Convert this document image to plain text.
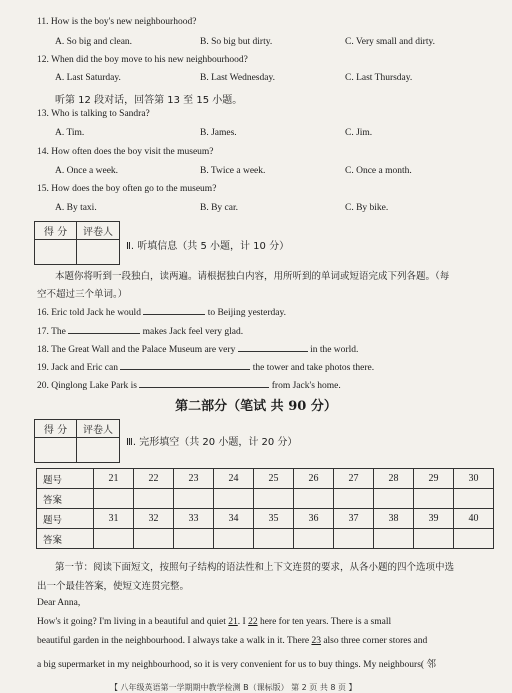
11. How is the boy's new neighbourhood?
A. So big and clean.	B. So big but dirty.	C. Very small and dirty.
12. When did the boy move to his new neighbourhood?
A. Last Saturday.	B. Last Wednesday.	C. Last Thursday.
听第 12 段对话，回答第 13 至 15 小题。
13. Who is talking to Sandra?
A. Tim.	B. James.	C. Jim.
14. How often does the boy visit the museum?
A. Once a week.	B. Twice a week.	C. Once a month.
15. How does the boy often go to the museum?
A. By taxi.	B. By car.	C. By bike.
得 分	评卷人
Ⅱ. 听填信息（共 5 小题，计 10 分）
本题你将听到一段独白，读两遍。请根据独白内容，用所听到的单词或短语完成下列各题。（每
空不超过三个单词。）
16. Eric told Jack he would	to Beijing yesterday.
17. The	makes Jack feel very glad.
18. The Great Wall and the Palace Museum are very	in the world.
19. Jack and Eric can	the tower and take photos there.
20. Qinglong Lake Park is	from Jack's home.
第二部分（笔试 共 90 分）
得 分	评卷人
Ⅲ. 完形填空（共 20 小题，计 20 分）
题号	21	22	23	24	25	26	27	28	29	30
答案										
题号	31	32	33	34	35	36	37	38	39	40
答案										
第一节：阅读下面短文，按照句子结构的语法性和上下文连贯的要求，从各小题的四个选项中选
出一个最佳答案，使短文连贯完整。
Dear Anna,
How's it going? I'm living in a beautiful and quiet 21. I 22 here for ten years. There is a small
beautiful garden in the neighbourhood. I always take a walk in it. There 23 also three corner stores and
a big supermarket in my neighbourhood, so it is very convenient for us to buy things. My neighbours( 邻
【 八年级英语第一学期期中教学检测 B（课标版） 第 2 页 共 8 页 】
